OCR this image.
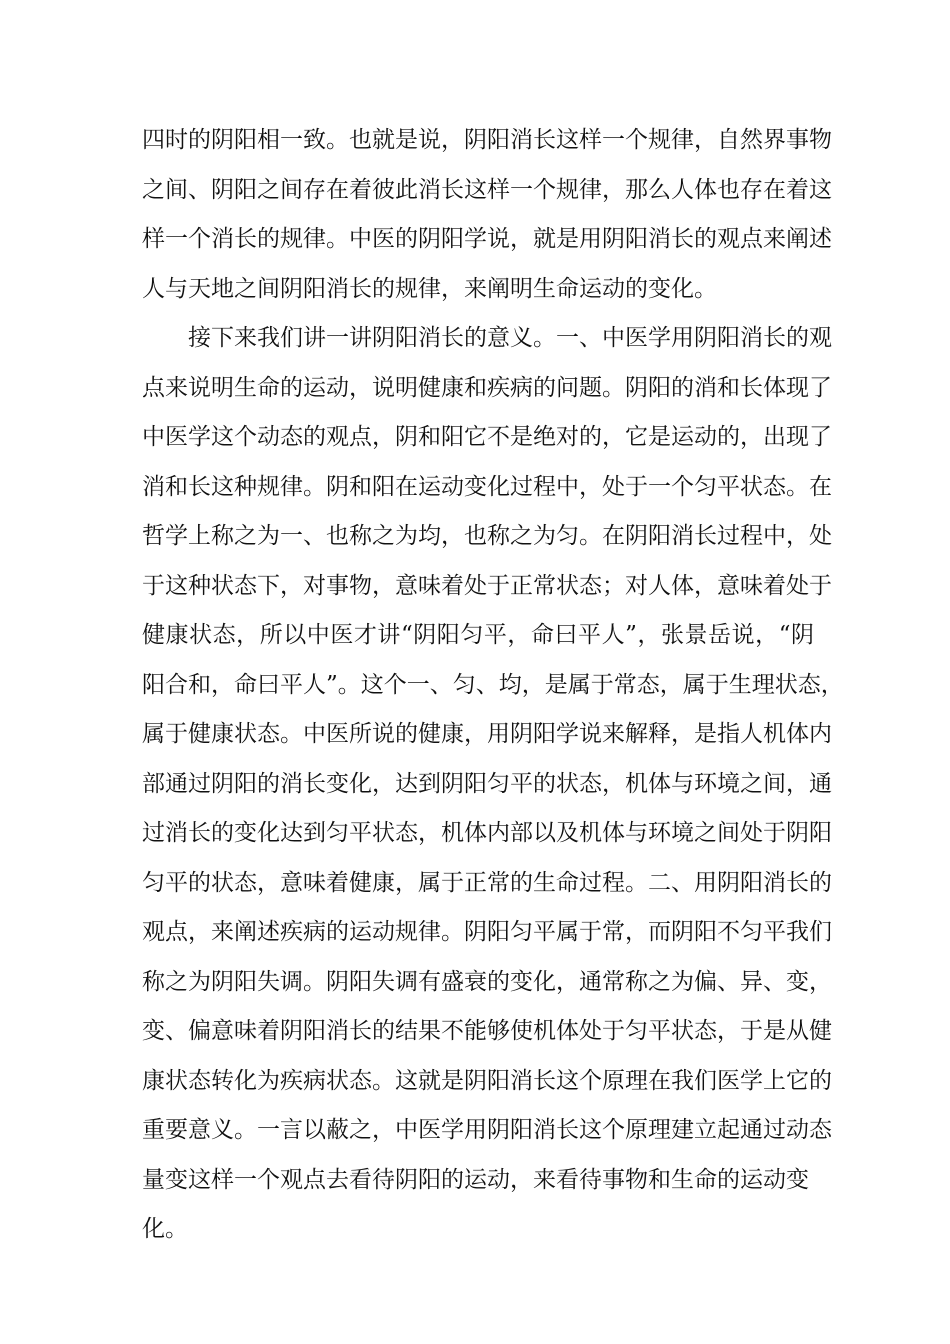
四时的阴阳相一致。也就是说，阴阳消长这样一个规律，自然界事物
之间、阴阳之间存在着彼此消长这样一个规律，那么人体也存在着这
样一个消长的规律。中医的阴阳学说，就是用阴阳消长的观点来阐述
人与天地之间阴阳消长的规律，来阐明生命运动的变化。
接下来我们讲一讲阴阳消长的意义。一、中医学用阴阳消长的观
点来说明生命的运动，说明健康和疾病的问题。阴阳的消和长体现了
中医学这个动态的观点，阴和阳它不是绝对的，它是运动的，出现了
消和长这种规律。阴和阳在运动变化过程中，处于一个匀平状态。在
哲学上称之为一、也称之为均，也称之为匀。在阴阳消长过程中，处
于这种状态下，对事物，意味着处于正常状态；对人体，意味着处于
健康状态，所以中医才讲“阴阳匀平，命曰平人”，张景岳说，“阴
阳合和，命曰平人”。这个一、匀、均，是属于常态，属于生理状态，
属于健康状态。中医所说的健康，用阴阳学说来解释，是指人机体内
部通过阴阳的消长变化，达到阴阳匀平的状态，机体与环境之间，通
过消长的变化达到匀平状态，机体内部以及机体与环境之间处于阴阳
匀平的状态，意味着健康，属于正常的生命过程。二、用阴阳消长的
观点，来阐述疾病的运动规律。阴阳匀平属于常，而阴阳不匀平我们
称之为阴阳失调。阴阳失调有盛衰的变化，通常称之为偏、异、变，
变、偏意味着阴阳消长的结果不能够使机体处于匀平状态，于是从健
康状态转化为疾病状态。这就是阴阳消长这个原理在我们医学上它的
重要意义。一言以蔽之，中医学用阴阳消长这个原理建立起通过动态
量变这样一个观点去看待阴阳的运动，来看待事物和生命的运动变
化。
